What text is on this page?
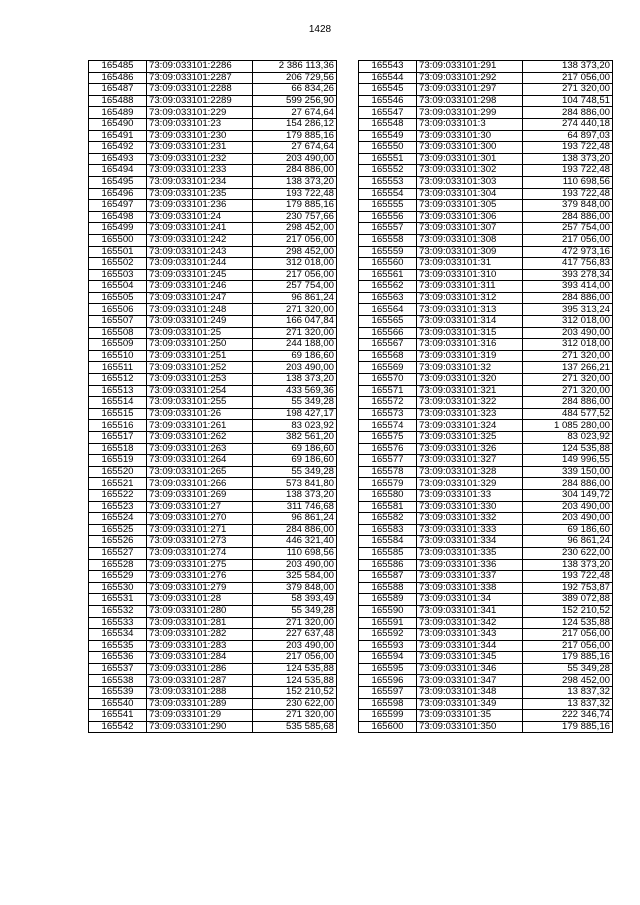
1428
165485	73:09:033101:2286	2 386 113,36
165486	73:09:033101:2287	206 729,56
165487	73:09:033101:2288	66 834,26
165488	73:09:033101:2289	599 256,90
165489	73:09:033101:229	27 674,64
165490	73:09:033101:23	154 286,12
165491	73:09:033101:230	179 885,16
165492	73:09:033101:231	27 674,64
165493	73:09:033101:232	203 490,00
165494	73:09:033101:233	284 886,00
165495	73:09:033101:234	138 373,20
165496	73:09:033101:235	193 722,48
165497	73:09:033101:236	179 885,16
165498	73:09:033101:24	230 757,66
165499	73:09:033101:241	298 452,00
165500	73:09:033101:242	217 056,00
165501	73:09:033101:243	298 452,00
165502	73:09:033101:244	312 018,00
165503	73:09:033101:245	217 056,00
165504	73:09:033101:246	257 754,00
165505	73:09:033101:247	96 861,24
165506	73:09:033101:248	271 320,00
165507	73:09:033101:249	166 047,84
165508	73:09:033101:25	271 320,00
165509	73:09:033101:250	244 188,00
165510	73:09:033101:251	69 186,60
165511	73:09:033101:252	203 490,00
165512	73:09:033101:253	138 373,20
165513	73:09:033101:254	433 569,36
165514	73:09:033101:255	55 349,28
165515	73:09:033101:26	198 427,17
165516	73:09:033101:261	83 023,92
165517	73:09:033101:262	382 561,20
165518	73:09:033101:263	69 186,60
165519	73:09:033101:264	69 186,60
165520	73:09:033101:265	55 349,28
165521	73:09:033101:266	573 841,80
165522	73:09:033101:269	138 373,20
165523	73:09:033101:27	311 746,68
165524	73:09:033101:270	96 861,24
165525	73:09:033101:271	284 886,00
165526	73:09:033101:273	446 321,40
165527	73:09:033101:274	110 698,56
165528	73:09:033101:275	203 490,00
165529	73:09:033101:276	325 584,00
165530	73:09:033101:279	379 848,00
165531	73:09:033101:28	58 393,49
165532	73:09:033101:280	55 349,28
165533	73:09:033101:281	271 320,00
165534	73:09:033101:282	227 637,48
165535	73:09:033101:283	203 490,00
165536	73:09:033101:284	217 056,00
165537	73:09:033101:286	124 535,88
165538	73:09:033101:287	124 535,88
165539	73:09:033101:288	152 210,52
165540	73:09:033101:289	230 622,00
165541	73:09:033101:29	271 320,00
165542	73:09:033101:290	535 585,68
165543	73:09:033101:291	138 373,20
165544	73:09:033101:292	217 056,00
165545	73:09:033101:297	271 320,00
165546	73:09:033101:298	104 748,51
165547	73:09:033101:299	284 886,00
165548	73:09:033101:3	274 440,18
165549	73:09:033101:30	64 897,03
165550	73:09:033101:300	193 722,48
165551	73:09:033101:301	138 373,20
165552	73:09:033101:302	193 722,48
165553	73:09:033101:303	110 698,56
165554	73:09:033101:304	193 722,48
165555	73:09:033101:305	379 848,00
165556	73:09:033101:306	284 886,00
165557	73:09:033101:307	257 754,00
165558	73:09:033101:308	217 056,00
165559	73:09:033101:309	472 973,16
165560	73:09:033101:31	417 756,83
165561	73:09:033101:310	393 278,34
165562	73:09:033101:311	393 414,00
165563	73:09:033101:312	284 886,00
165564	73:09:033101:313	395 313,24
165565	73:09:033101:314	312 018,00
165566	73:09:033101:315	203 490,00
165567	73:09:033101:316	312 018,00
165568	73:09:033101:319	271 320,00
165569	73:09:033101:32	137 266,21
165570	73:09:033101:320	271 320,00
165571	73:09:033101:321	271 320,00
165572	73:09:033101:322	284 886,00
165573	73:09:033101:323	484 577,52
165574	73:09:033101:324	1 085 280,00
165575	73:09:033101:325	83 023,92
165576	73:09:033101:326	124 535,88
165577	73:09:033101:327	149 996,55
165578	73:09:033101:328	339 150,00
165579	73:09:033101:329	284 886,00
165580	73:09:033101:33	304 149,72
165581	73:09:033101:330	203 490,00
165582	73:09:033101:332	203 490,00
165583	73:09:033101:333	69 186,60
165584	73:09:033101:334	96 861,24
165585	73:09:033101:335	230 622,00
165586	73:09:033101:336	138 373,20
165587	73:09:033101:337	193 722,48
165588	73:09:033101:338	192 753,87
165589	73:09:033101:34	389 072,88
165590	73:09:033101:341	152 210,52
165591	73:09:033101:342	124 535,88
165592	73:09:033101:343	217 056,00
165593	73:09:033101:344	217 056,00
165594	73:09:033101:345	179 885,16
165595	73:09:033101:346	55 349,28
165596	73:09:033101:347	298 452,00
165597	73:09:033101:348	13 837,32
165598	73:09:033101:349	13 837,32
165599	73:09:033101:35	222 346,74
165600	73:09:033101:350	179 885,16
